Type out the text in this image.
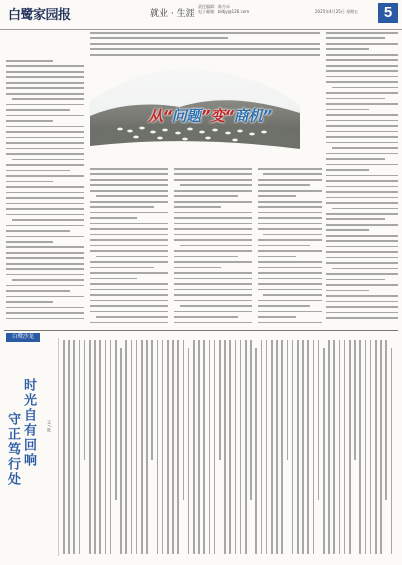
白鹭家园报	就业 · 生涯
责任编辑：陈丹禾
电子邮箱：bldjy@126.com	2025年4月25日 星期五	5
从“问题”变“商机”
白鹭沙龙
时光自有回响
守正笃行处	文 / 陈
